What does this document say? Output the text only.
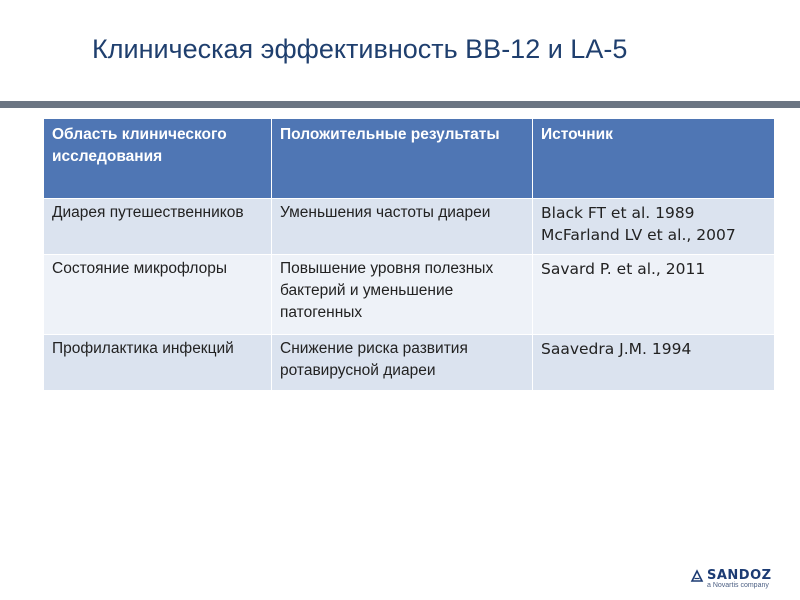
Клиническая эффективность BB-12 и LA-5
Область клинического исследования	Положительные результаты	Источник
Диарея путешественников	Уменьшения частоты диареи	Black FT et al. 1989
McFarland LV et al., 2007

Состояние микрофлоры	Повышение уровня полезных бактерий и уменьшение патогенных	Savard P. et al., 2011

Профилактика инфекций	Снижение риска развития ротавирусной диареи	Saavedra J.M. 1994
SANDOZ
a Novartis company
